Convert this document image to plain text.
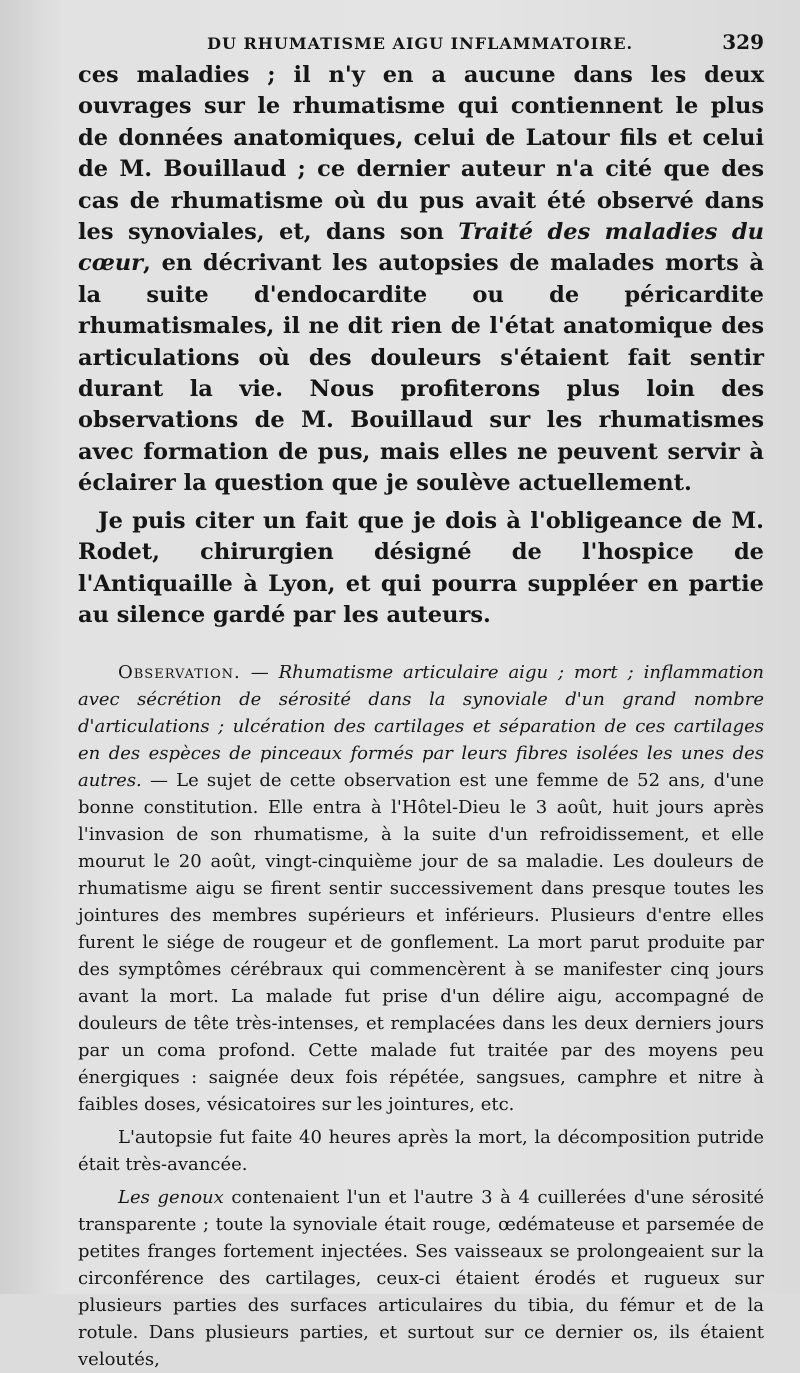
DU RHUMATISME AIGU INFLAMMATOIRE.	329

ces maladies ; il n'y en a aucune dans les deux ouvrages sur le rhumatisme qui contiennent le plus de données anatomiques, celui de Latour fils et celui de M. Bouillaud ; ce dernier auteur n'a cité que des cas de rhumatisme où du pus avait été observé dans les synoviales, et, dans son Traité des maladies du cœur, en décrivant les autopsies de malades morts à la suite d'endocardite ou de péricardite rhumatismales, il ne dit rien de l'état anatomique des articulations où des douleurs s'étaient fait sentir durant la vie. Nous profiterons plus loin des observations de M. Bouillaud sur les rhumatismes avec formation de pus, mais elles ne peuvent servir à éclairer la question que je soulève actuellement.

Je puis citer un fait que je dois à l'obligeance de M. Rodet, chirurgien désigné de l'hospice de l'Antiquaille à Lyon, et qui pourra suppléer en partie au silence gardé par les auteurs.

Observation. — Rhumatisme articulaire aigu ; mort ; inflammation avec sécrétion de sérosité dans la synoviale d'un grand nombre d'articulations ; ulcération des cartilages et séparation de ces cartilages en des espèces de pinceaux formés par leurs fibres isolées les unes des autres. — Le sujet de cette observation est une femme de 52 ans, d'une bonne constitution. Elle entra à l'Hôtel-Dieu le 3 août, huit jours après l'invasion de son rhumatisme, à la suite d'un refroidissement, et elle mourut le 20 août, vingt-cinquième jour de sa maladie. Les douleurs de rhumatisme aigu se firent sentir successivement dans presque toutes les jointures des membres supérieurs et inférieurs. Plusieurs d'entre elles furent le siége de rougeur et de gonflement. La mort parut produite par des symptômes cérébraux qui commencèrent à se manifester cinq jours avant la mort. La malade fut prise d'un délire aigu, accompagné de douleurs de tête très-intenses, et remplacées dans les deux derniers jours par un coma profond. Cette malade fut traitée par des moyens peu énergiques : saignée deux fois répétée, sangsues, camphre et nitre à faibles doses, vésicatoires sur les jointures, etc.

L'autopsie fut faite 40 heures après la mort, la décomposition putride était très-avancée.

Les genoux contenaient l'un et l'autre 3 à 4 cuillerées d'une sérosité transparente ; toute la synoviale était rouge, œdémateuse et parsemée de petites franges fortement injectées. Ses vaisseaux se prolongeaient sur la circonférence des cartilages, ceux-ci étaient érodés et rugueux sur plusieurs parties des surfaces articulaires du tibia, du fémur et de la rotule. Dans plusieurs parties, et surtout sur ce dernier os, ils étaient veloutés,
